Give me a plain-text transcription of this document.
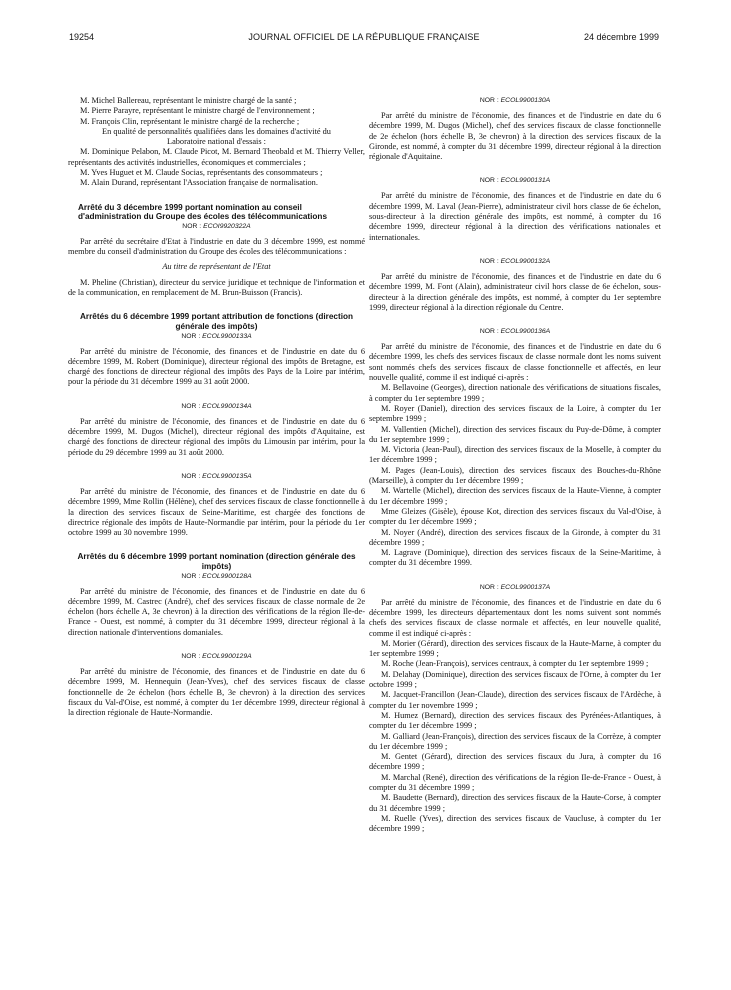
19254	JOURNAL OFFICIEL DE LA RÉPUBLIQUE FRANÇAISE	24 décembre 1999

M. Michel Ballereau, représentant le ministre chargé de la santé ;

M. Pierre Parayre, représentant le ministre chargé de l'environnement ;

M. François Clin, représentant le ministre chargé de la recherche ;

En qualité de personnalités qualifiées dans les domaines d'activité du Laboratoire national d'essais :

M. Dominique Pelabon, M. Claude Picot, M. Bernard Theobald et M. Thierry Veller, représentants des activités industrielles, économiques et commerciales ;

M. Yves Huguet et M. Claude Socias, représentants des consommateurs ;

M. Alain Durand, représentant l'Association française de normalisation.

Arrêté du 3 décembre 1999 portant nomination au conseil d'administration du Groupe des écoles des télécommunications

NOR : ECOI9920322A

Par arrêté du secrétaire d'Etat à l'industrie en date du 3 décembre 1999, est nommé membre du conseil d'administration du Groupe des écoles des télécommunications :

Au titre de représentant de l'Etat

M. Pheline (Christian), directeur du service juridique et technique de l'information et de la communication, en remplacement de M. Brun-Buisson (Francis).

Arrêtés du 6 décembre 1999 portant attribution de fonctions (direction générale des impôts)

NOR : ECOL9900133A

Par arrêté du ministre de l'économie, des finances et de l'industrie en date du 6 décembre 1999, M. Robert (Dominique), directeur régional des impôts de Bretagne, est chargé des fonctions de directeur régional des impôts des Pays de la Loire par intérim, pour la période du 31 décembre 1999 au 31 août 2000.

NOR : ECOL9900134A

Par arrêté du ministre de l'économie, des finances et de l'industrie en date du 6 décembre 1999, M. Dugos (Michel), directeur régional des impôts d'Aquitaine, est chargé des fonctions de directeur régional des impôts du Limousin par intérim, pour la période du 29 décembre 1999 au 31 août 2000.

NOR : ECOL9900135A

Par arrêté du ministre de l'économie, des finances et de l'industrie en date du 6 décembre 1999, Mme Rollin (Hélène), chef des services fiscaux de classe fonctionnelle à la direction des services fiscaux de Seine-Maritime, est chargée des fonctions de directrice régionale des impôts de Haute-Normandie par intérim, pour la période du 1er octobre 1999 au 30 novembre 1999.

Arrêtés du 6 décembre 1999 portant nomination (direction générale des impôts)

NOR : ECOL9900128A

Par arrêté du ministre de l'économie, des finances et de l'industrie en date du 6 décembre 1999, M. Castrec (André), chef des services fiscaux de classe normale de 2e échelon (hors échelle A, 3e chevron) à la direction des vérifications de la région Ile-de-France - Ouest, est nommé, à compter du 31 décembre 1999, directeur régional à la direction nationale d'interventions domaniales.

NOR : ECOL9900129A

Par arrêté du ministre de l'économie, des finances et de l'industrie en date du 6 décembre 1999, M. Hennequin (Jean-Yves), chef des services fiscaux de classe fonctionnelle de 2e échelon (hors échelle B, 3e chevron) à la direction des services fiscaux du Val-d'Oise, est nommé, à compter du 1er décembre 1999, directeur régional à la direction régionale de Haute-Normandie.

NOR : ECOL9900130A

Par arrêté du ministre de l'économie, des finances et de l'industrie en date du 6 décembre 1999, M. Dugos (Michel), chef des services fiscaux de classe fonctionnelle de 2e échelon (hors échelle B, 3e chevron) à la direction des services fiscaux de la Gironde, est nommé, à compter du 31 décembre 1999, directeur régional à la direction régionale d'Aquitaine.

NOR : ECOL9900131A

Par arrêté du ministre de l'économie, des finances et de l'industrie en date du 6 décembre 1999, M. Laval (Jean-Pierre), administrateur civil hors classe de 6e échelon, sous-directeur à la direction générale des impôts, est nommé, à compter du 16 décembre 1999, directeur régional à la direction des vérifications nationales et internationales.

NOR : ECOL9900132A

Par arrêté du ministre de l'économie, des finances et de l'industrie en date du 6 décembre 1999, M. Font (Alain), administrateur civil hors classe de 6e échelon, sous-directeur à la direction générale des impôts, est nommé, à compter du 1er septembre 1999, directeur régional à la direction régionale du Centre.

NOR : ECOL9900136A

Par arrêté du ministre de l'économie, des finances et de l'industrie en date du 6 décembre 1999, les chefs des services fiscaux de classe normale dont les noms suivent sont nommés chefs des services fiscaux de classe fonctionnelle et affectés, en leur nouvelle qualité, comme il est indiqué ci-après :

M. Bellavoine (Georges), direction nationale des vérifications de situations fiscales, à compter du 1er septembre 1999 ;

M. Royer (Daniel), direction des services fiscaux de la Loire, à compter du 1er septembre 1999 ;

M. Vallentien (Michel), direction des services fiscaux du Puy-de-Dôme, à compter du 1er septembre 1999 ;

M. Victoria (Jean-Paul), direction des services fiscaux de la Moselle, à compter du 1er décembre 1999 ;

M. Pages (Jean-Louis), direction des services fiscaux des Bouches-du-Rhône (Marseille), à compter du 1er décembre 1999 ;

M. Wartelle (Michel), direction des services fiscaux de la Haute-Vienne, à compter du 1er décembre 1999 ;

Mme Gleizes (Gisèle), épouse Kot, direction des services fiscaux du Val-d'Oise, à compter du 1er décembre 1999 ;

M. Noyer (André), direction des services fiscaux de la Gironde, à compter du 31 décembre 1999 ;

M. Lagrave (Dominique), direction des services fiscaux de la Seine-Maritime, à compter du 31 décembre 1999.

NOR : ECOL9900137A

Par arrêté du ministre de l'économie, des finances et de l'industrie en date du 6 décembre 1999, les directeurs départementaux dont les noms suivent sont nommés chefs des services fiscaux de classe normale et affectés, en leur nouvelle qualité, comme il est indiqué ci-après :

M. Morier (Gérard), direction des services fiscaux de la Haute-Marne, à compter du 1er septembre 1999 ;

M. Roche (Jean-François), services centraux, à compter du 1er septembre 1999 ;

M. Delahay (Dominique), direction des services fiscaux de l'Orne, à compter du 1er octobre 1999 ;

M. Jacquet-Francillon (Jean-Claude), direction des services fiscaux de l'Ardèche, à compter du 1er novembre 1999 ;

M. Humez (Bernard), direction des services fiscaux des Pyrénées-Atlantiques, à compter du 1er décembre 1999 ;

M. Galliard (Jean-François), direction des services fiscaux de la Corrèze, à compter du 1er décembre 1999 ;

M. Gentet (Gérard), direction des services fiscaux du Jura, à compter du 16 décembre 1999 ;

M. Marchal (René), direction des vérifications de la région Ile-de-France - Ouest, à compter du 31 décembre 1999 ;

M. Baudette (Bernard), direction des services fiscaux de la Haute-Corse, à compter du 31 décembre 1999 ;

M. Ruelle (Yves), direction des services fiscaux de Vaucluse, à compter du 1er décembre 1999 ;
